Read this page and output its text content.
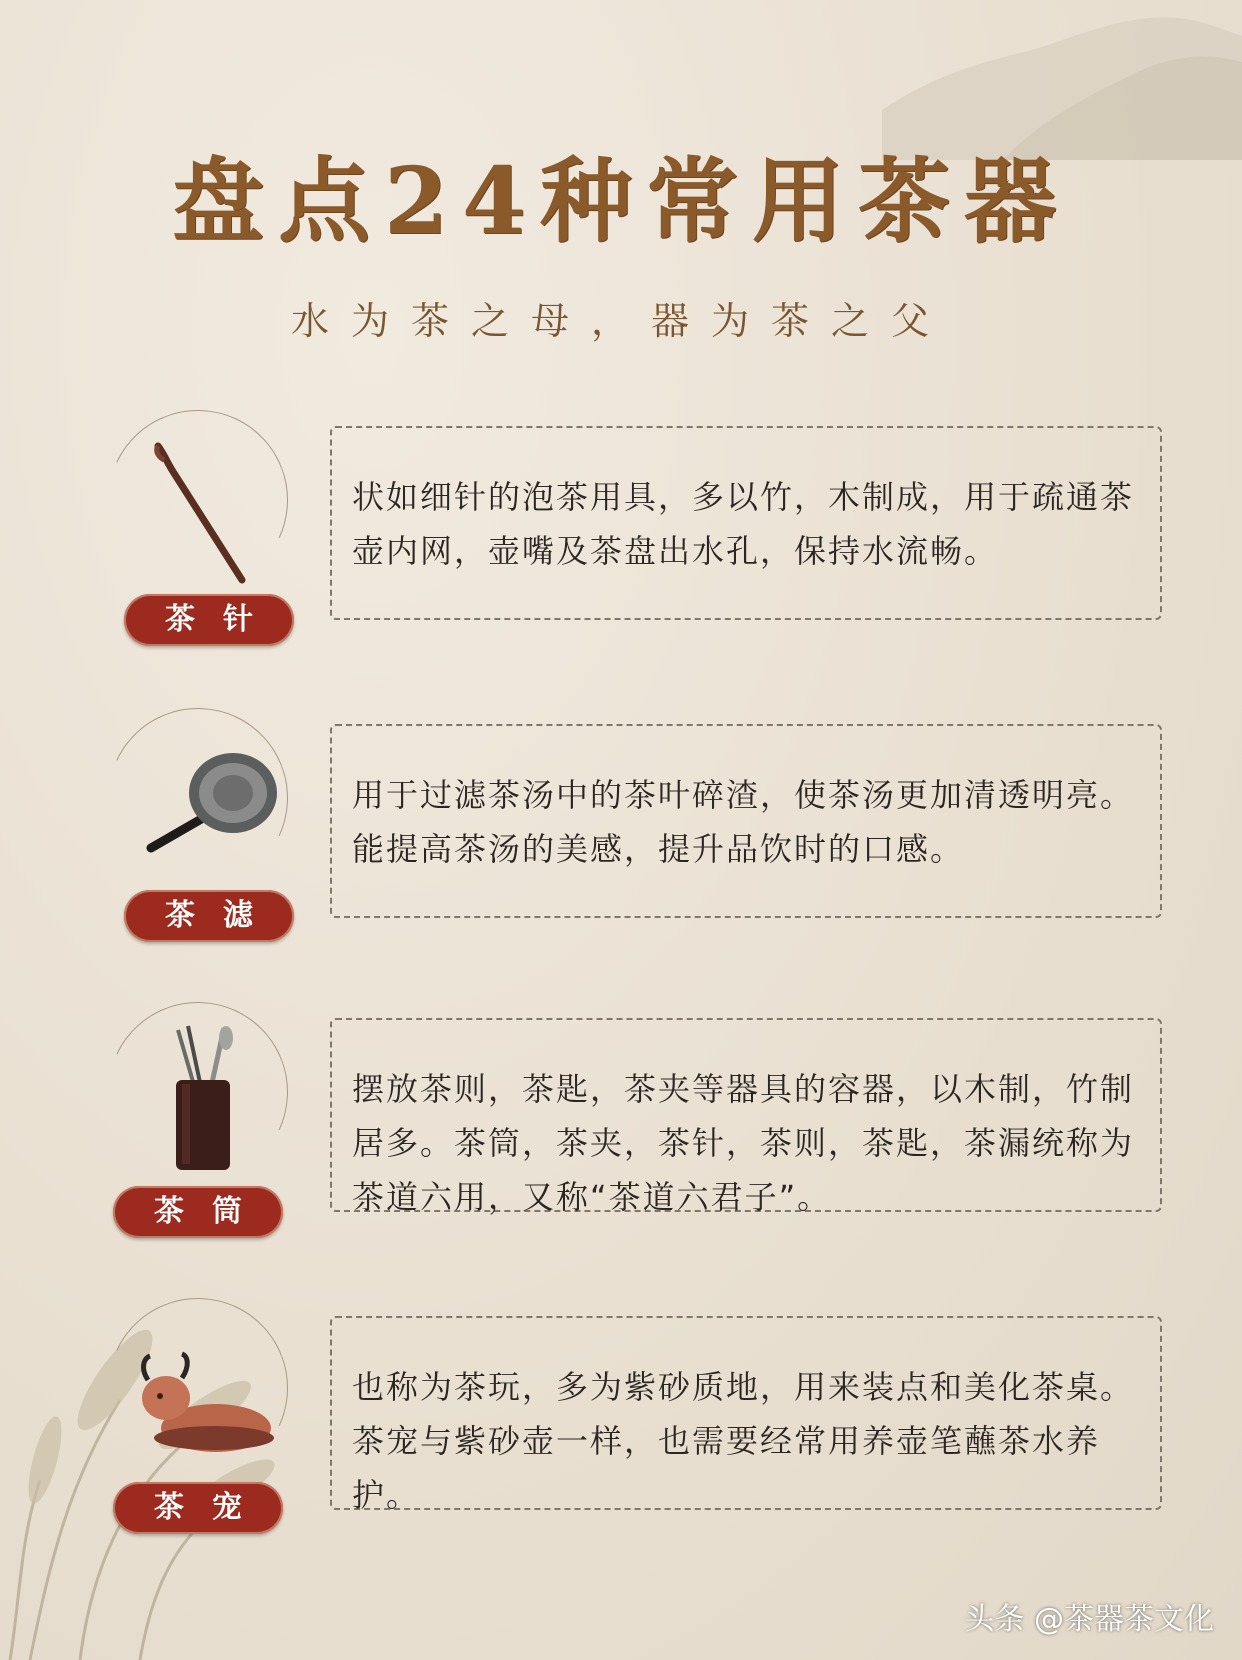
盘点24种常用茶器
水为茶之母，器为茶之父
茶针

状如细针的泡茶用具，多以竹，木制成，用于疏通茶壶内网，壶嘴及茶盘出水孔，保持水流畅。

茶滤

用于过滤茶汤中的茶叶碎渣，使茶汤更加清透明亮。能提高茶汤的美感，提升品饮时的口感。

茶筒

摆放茶则，茶匙，茶夹等器具的容器，以木制，竹制居多。茶筒，茶夹，茶针，茶则，茶匙，茶漏统称为茶道六用，又称“茶道六君子”。

茶宠

也称为茶玩，多为紫砂质地，用来装点和美化茶桌。茶宠与紫砂壶一样，也需要经常用养壶笔蘸茶水养护。

头条 @茶器茶文化
